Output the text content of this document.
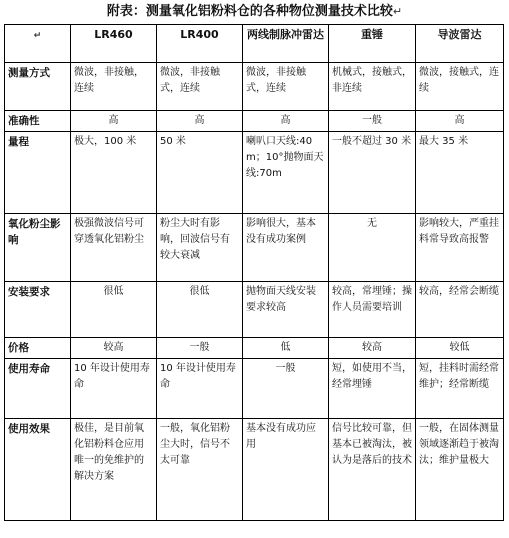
附表：测量氧化铝粉料仓的各种物位测量技术比较↵
↵	LR460	LR400	两线制脉冲雷达	重锤	导波雷达
测量方式	微波，非接触，连续	微波，非接触式，连续	微波，非接触式，连续	机械式，接触式，非连续	微波，接触式，连续
准确性	高	高	高	一般	高
量程	极大，100 米	50 米	喇叭口天线:40m；10°抛物面天线:70m	一般不超过 30 米	最大 35 米
氧化粉尘影响	极强微波信号可穿透氧化铝粉尘	粉尘大时有影响，回波信号有较大衰减	影响很大，基本没有成功案例	无	影响较大，严重挂料常导致高报警
安装要求	很低	很低	抛物面天线安装要求较高	较高，常埋锤；操作人员需要培训	较高，经常会断缆
价格	较高	一般	低	较高	较低
使用寿命	10 年设计使用寿命	10 年设计使用寿命	一般	短，如使用不当，经常埋锤	短，挂料时需经常维护；经常断缆
使用效果	极佳，是目前氧化铝粉料仓应用唯一的免维护的解决方案	一般，氧化铝粉尘大时，信号不太可靠	基本没有成功应用	信号比较可靠，但基本已被淘汰，被认为是落后的技术	一般，在固体测量领域逐渐趋于被淘汰；维护量极大
